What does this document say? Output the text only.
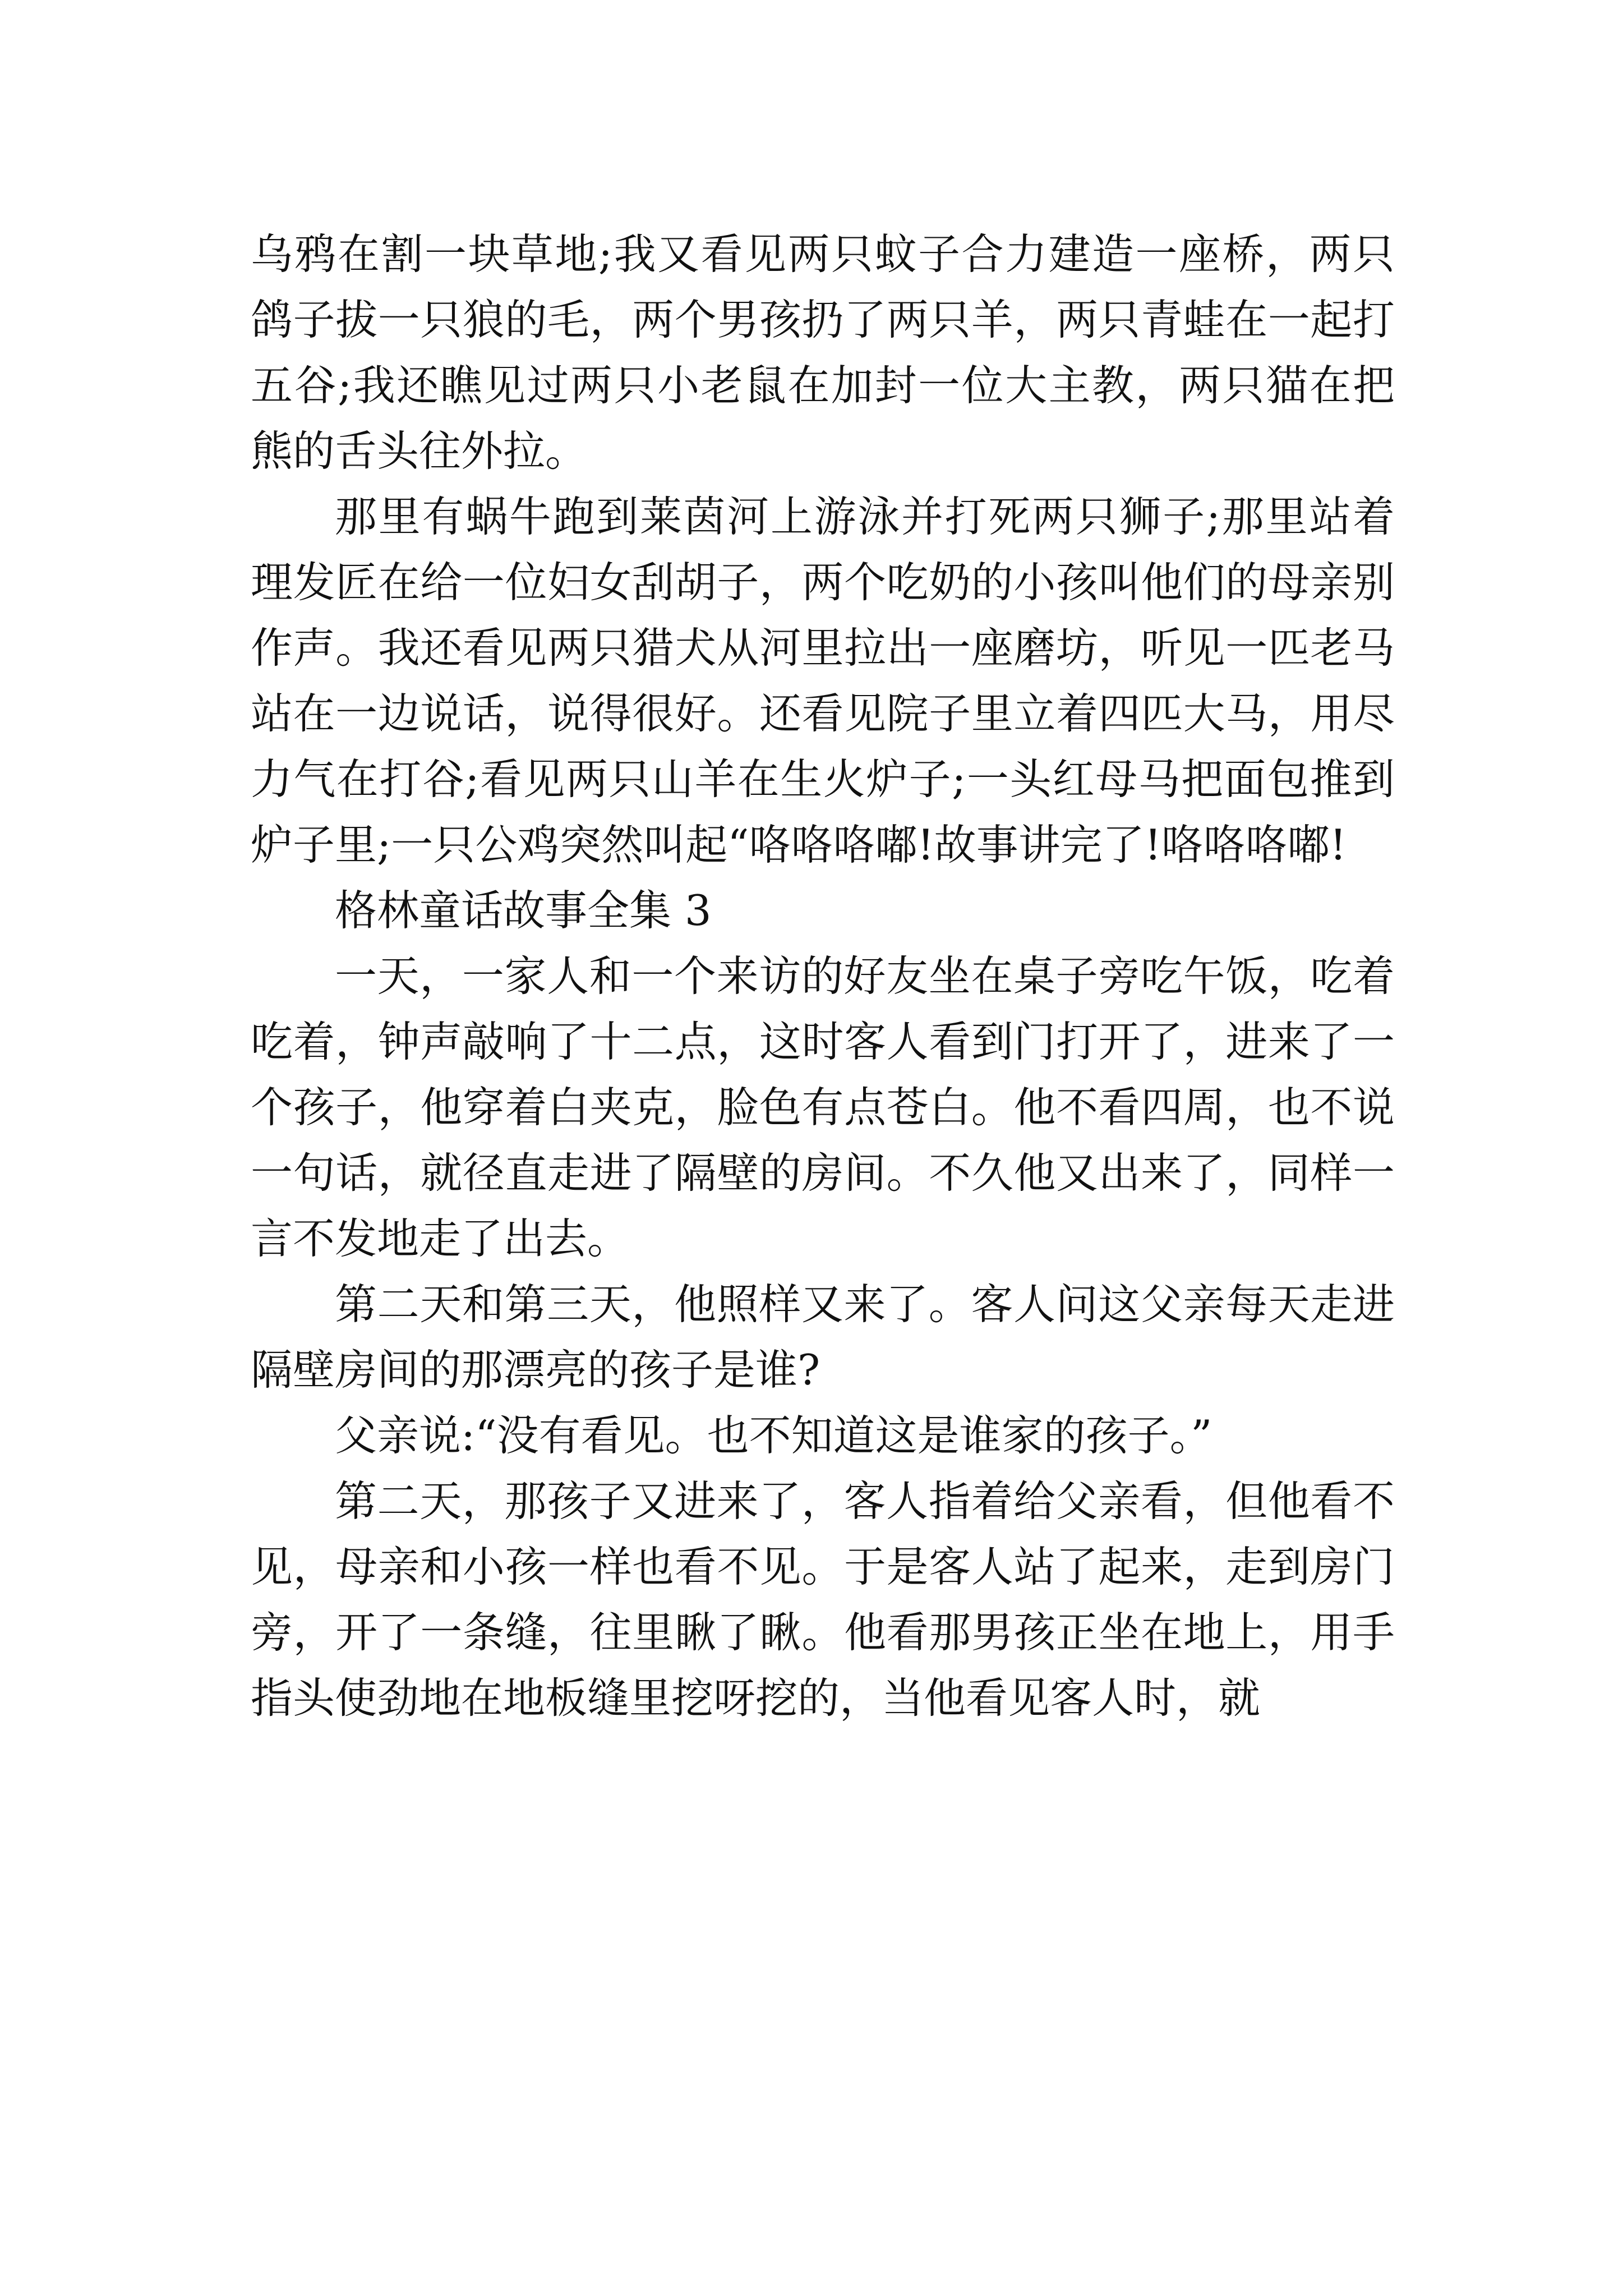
乌鸦在割一块草地;我又看见两只蚊子合力建造一座桥，两只鸽子拔一只狼的毛，两个男孩扔了两只羊，两只青蛙在一起打五谷;我还瞧见过两只小老鼠在加封一位大主教，两只猫在把熊的舌头往外拉。

那里有蜗牛跑到莱茵河上游泳并打死两只狮子;那里站着理发匠在给一位妇女刮胡子，两个吃奶的小孩叫他们的母亲别作声。我还看见两只猎犬从河里拉出一座磨坊，听见一匹老马站在一边说话，说得很好。还看见院子里立着四匹大马，用尽力气在打谷;看见两只山羊在生火炉子;一头红母马把面包推到炉子里;一只公鸡突然叫起“咯咯咯嘟!故事讲完了!咯咯咯嘟!

格林童话故事全集 3

一天，一家人和一个来访的好友坐在桌子旁吃午饭，吃着吃着，钟声敲响了十二点，这时客人看到门打开了，进来了一个孩子，他穿着白夹克，脸色有点苍白。他不看四周，也不说一句话，就径直走进了隔壁的房间。不久他又出来了，同样一言不发地走了出去。

第二天和第三天，他照样又来了。客人问这父亲每天走进隔壁房间的那漂亮的孩子是谁?

父亲说:“没有看见。也不知道这是谁家的孩子。”

第二天，那孩子又进来了，客人指着给父亲看，但他看不见，母亲和小孩一样也看不见。于是客人站了起来，走到房门旁，开了一条缝，往里瞅了瞅。他看那男孩正坐在地上，用手指头使劲地在地板缝里挖呀挖的，当他看见客人时，就
